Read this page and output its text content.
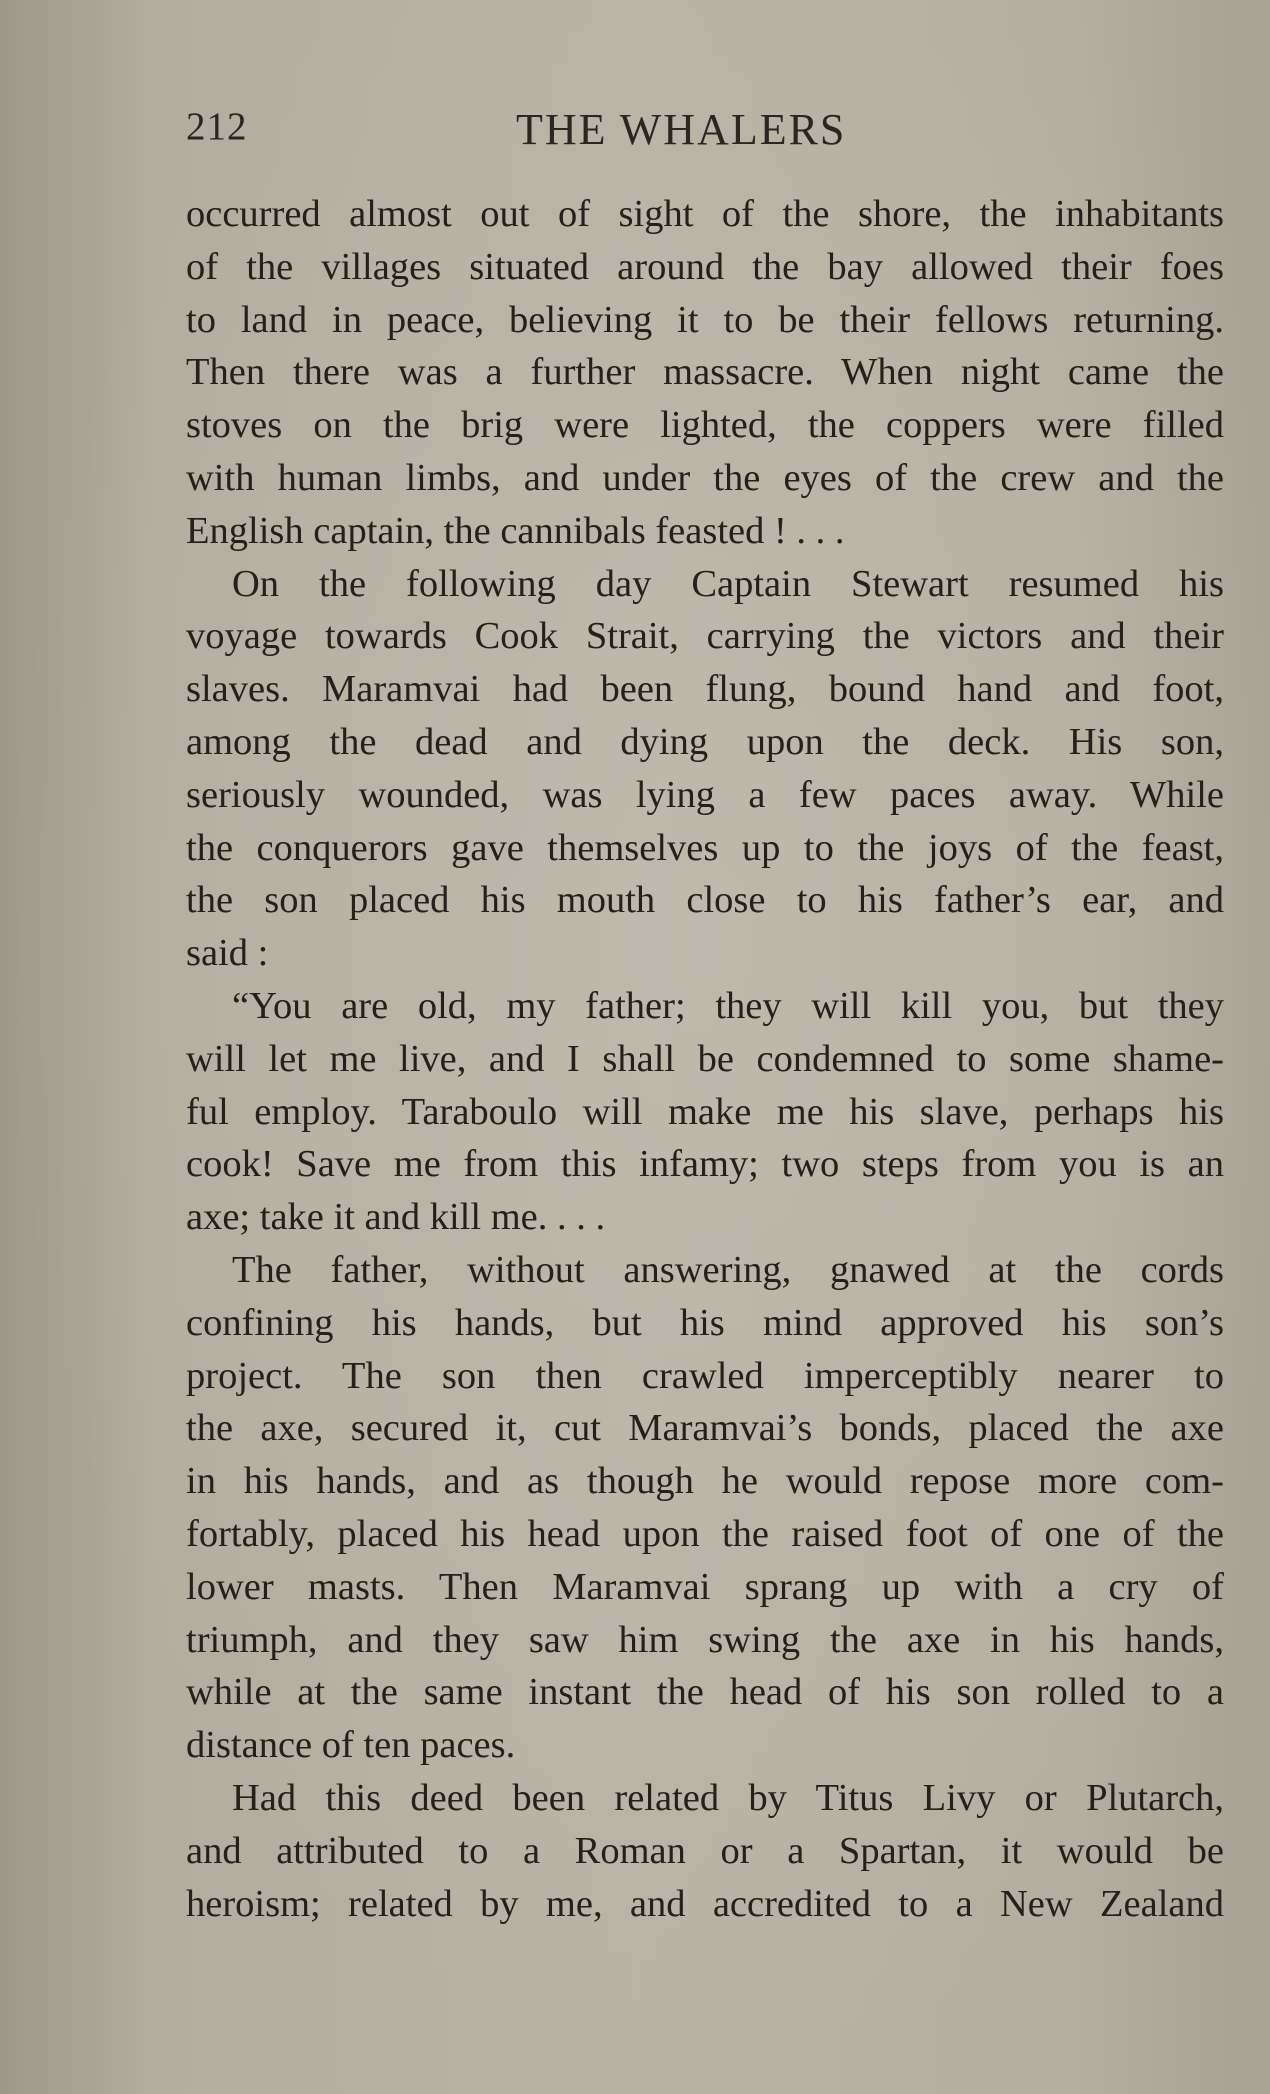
212	THE WHALERS
occurred almost out of sight of the shore, the inhabitants
of the villages situated around the bay allowed their foes
to land in peace, believing it to be their fellows returning.
Then there was a further massacre. When night came the
stoves on the brig were lighted, the coppers were filled
with human limbs, and under the eyes of the crew and the
English captain, the cannibals feasted ! . . .
On the following day Captain Stewart resumed his
voyage towards Cook Strait, carrying the victors and their
slaves. Maramvai had been flung, bound hand and foot,
among the dead and dying upon the deck. His son,
seriously wounded, was lying a few paces away. While
the conquerors gave themselves up to the joys of the feast,
the son placed his mouth close to his father’s ear, and
said :
“You are old, my father; they will kill you, but they
will let me live, and I shall be condemned to some shame-
ful employ. Taraboulo will make me his slave, perhaps his
cook! Save me from this infamy; two steps from you is an
axe; take it and kill me. . . .
The father, without answering, gnawed at the cords
confining his hands, but his mind approved his son’s
project. The son then crawled imperceptibly nearer to
the axe, secured it, cut Maramvai’s bonds, placed the axe
in his hands, and as though he would repose more com-
fortably, placed his head upon the raised foot of one of the
lower masts. Then Maramvai sprang up with a cry of
triumph, and they saw him swing the axe in his hands,
while at the same instant the head of his son rolled to a
distance of ten paces.
Had this deed been related by Titus Livy or Plutarch,
and attributed to a Roman or a Spartan, it would be
heroism; related by me, and accredited to a New Zealand
